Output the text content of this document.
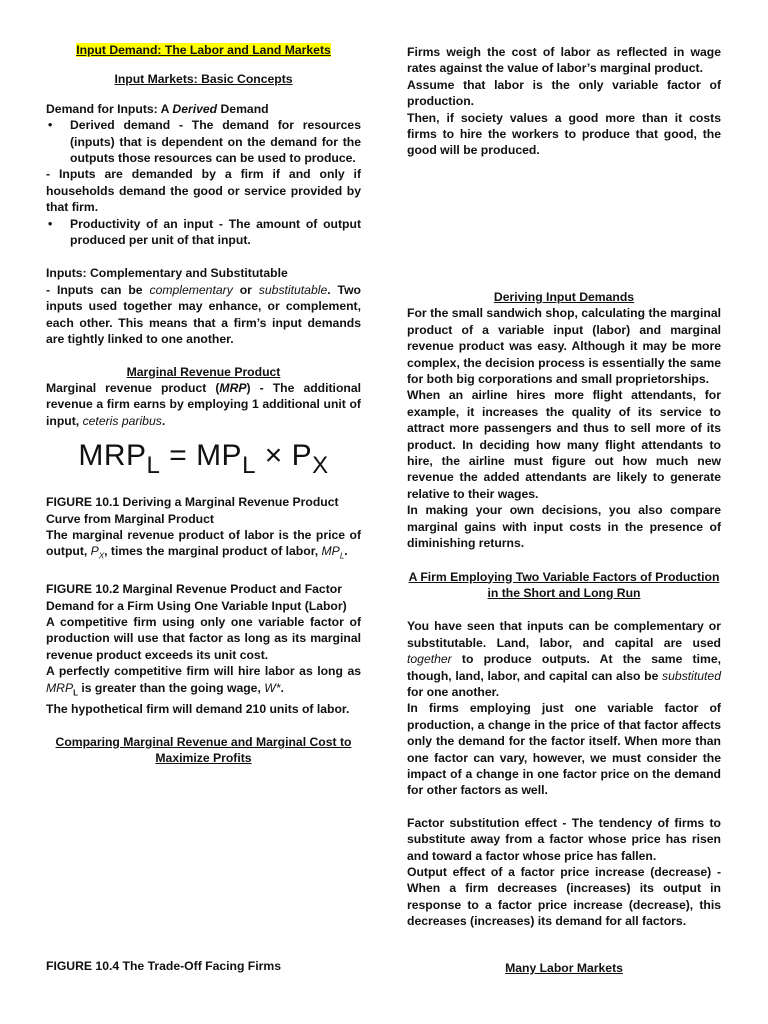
Input Demand: The Labor and Land Markets

Input Markets: Basic Concepts

Demand for Inputs: A Derived Demand

• Derived demand - The demand for resources (inputs) that is dependent on the demand for the outputs those resources can be used to produce.

- Inputs are demanded by a firm if and only if households demand the good or service provided by that firm.

• Productivity of an input - The amount of output produced per unit of that input.

Inputs: Complementary and Substitutable

- Inputs can be complementary or substitutable. Two inputs used together may enhance, or complement, each other. This means that a firm’s input demands are tightly linked to one another.

Marginal Revenue Product

Marginal revenue product (MRP) - The additional revenue a firm earns by employing 1 additional unit of input, ceteris paribus.

$MRP_L = MP_L \times P_X$

FIGURE 10.1 Deriving a Marginal Revenue Product Curve from Marginal Product

The marginal revenue product of labor is the price of output, $P_X$, times the marginal product of labor, $MP_L$.

FIGURE 10.2 Marginal Revenue Product and Factor Demand for a Firm Using One Variable Input (Labor)

A competitive firm using only one variable factor of production will use that factor as long as its marginal revenue product exceeds its unit cost.

A perfectly competitive firm will hire labor as long as $MRP_L$ is greater than the going wage, W*.

The hypothetical firm will demand 210 units of labor.

Comparing Marginal Revenue and Marginal Cost to Maximize Profits

FIGURE 10.4 The Trade-Off Facing Firms

Firms weigh the cost of labor as reflected in wage rates against the value of labor’s marginal product.

Assume that labor is the only variable factor of production.

Then, if society values a good more than it costs firms to hire the workers to produce that good, the good will be produced.

Deriving Input Demands

For the small sandwich shop, calculating the marginal product of a variable input (labor) and marginal revenue product was easy. Although it may be more complex, the decision process is essentially the same for both big corporations and small proprietorships.

When an airline hires more flight attendants, for example, it increases the quality of its service to attract more passengers and thus to sell more of its product. In deciding how many flight attendants to hire, the airline must figure out how much new revenue the added attendants are likely to generate relative to their wages.

In making your own decisions, you also compare marginal gains with input costs in the presence of diminishing returns.

A Firm Employing Two Variable Factors of Production in the Short and Long Run

You have seen that inputs can be complementary or substitutable. Land, labor, and capital are used together to produce outputs. At the same time, though, land, labor, and capital can also be substituted for one another.

In firms employing just one variable factor of production, a change in the price of that factor affects only the demand for the factor itself. When more than one factor can vary, however, we must consider the impact of a change in one factor price on the demand for other factors as well.

Factor substitution effect - The tendency of firms to substitute away from a factor whose price has risen and toward a factor whose price has fallen.

Output effect of a factor price increase (decrease) - When a firm decreases (increases) its output in response to a factor price increase (decrease), this decreases (increases) its demand for all factors.

Many Labor Markets
